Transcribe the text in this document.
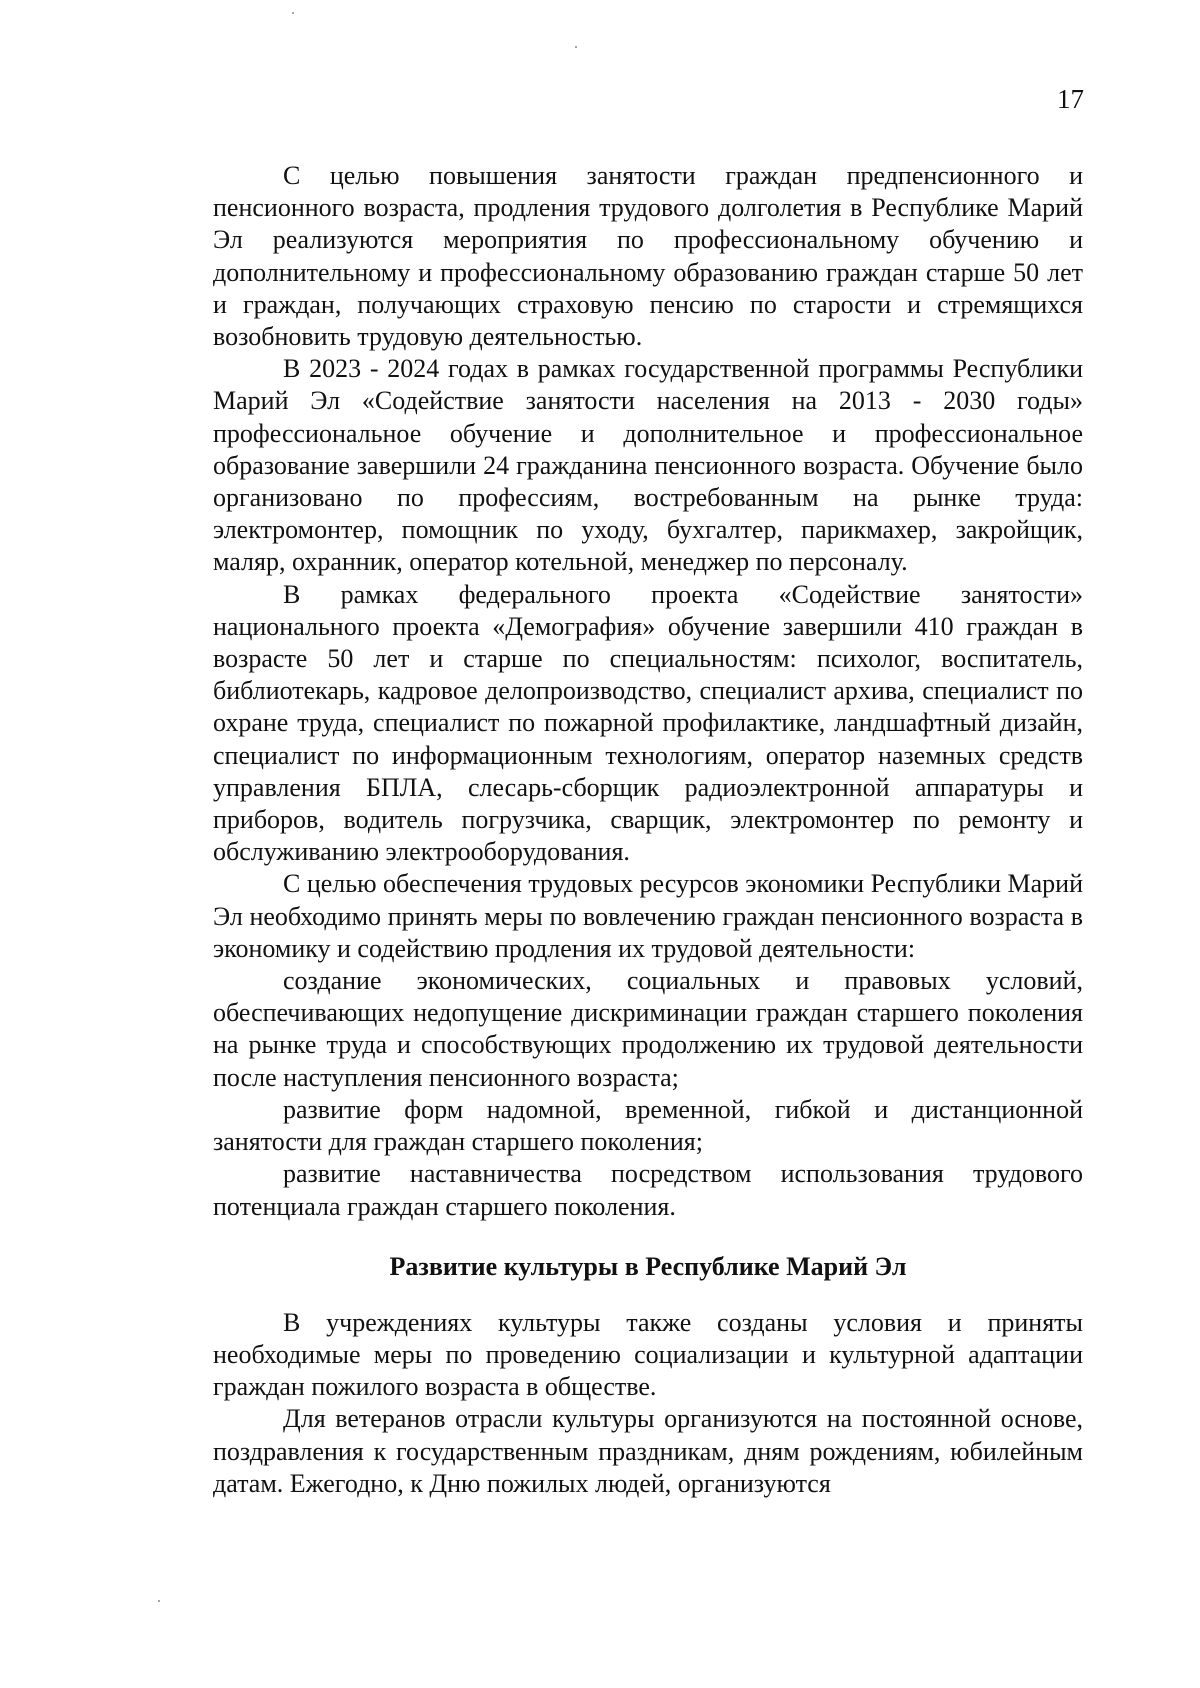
17

С целью повышения занятости граждан предпенсионного и пенсионного возраста, продления трудового долголетия в Республике Марий Эл реализуются мероприятия по профессиональному обучению и дополнительному и профессиональному образованию граждан старше 50 лет и граждан, получающих страховую пенсию по старости и стремящихся возобновить трудовую деятельностью.

В 2023 - 2024 годах в рамках государственной программы Республики Марий Эл «Содействие занятости населения на 2013 - 2030 годы» профессиональное обучение и дополнительное и профессиональное образование завершили 24 гражданина пенсионного возраста. Обучение было организовано по профессиям, востребованным на рынке труда: электромонтер, помощник по уходу, бухгалтер, парикмахер, закройщик, маляр, охранник, оператор котельной, менеджер по персоналу.

В рамках федерального проекта «Содействие занятости» национального проекта «Демография» обучение завершили 410 граждан в возрасте 50 лет и старше по специальностям: психолог, воспитатель, библиотекарь, кадровое делопроизводство, специалист архива, специалист по охране труда, специалист по пожарной профилактике, ландшафтный дизайн, специалист по информационным технологиям, оператор наземных средств управления БПЛА, слесарь-сборщик радиоэлектронной аппаратуры и приборов, водитель погрузчика, сварщик, электромонтер по ремонту и обслуживанию электрооборудования.

С целью обеспечения трудовых ресурсов экономики Республики Марий Эл необходимо принять меры по вовлечению граждан пенсионного возраста в экономику и содействию продления их трудовой деятельности:

создание экономических, социальных и правовых условий, обеспечивающих недопущение дискриминации граждан старшего поколения на рынке труда и способствующих продолжению их трудовой деятельности после наступления пенсионного возраста;

развитие форм надомной, временной, гибкой и дистанционной занятости для граждан старшего поколения;

развитие наставничества посредством использования трудового потенциала граждан старшего поколения.

Развитие культуры в Республике Марий Эл

В учреждениях культуры также созданы условия и приняты необходимые меры по проведению социализации и культурной адаптации граждан пожилого возраста в обществе.

Для ветеранов отрасли культуры организуются на постоянной основе, поздравления к государственным праздникам, дням рождениям, юбилейным датам. Ежегодно, к Дню пожилых людей, организуются
